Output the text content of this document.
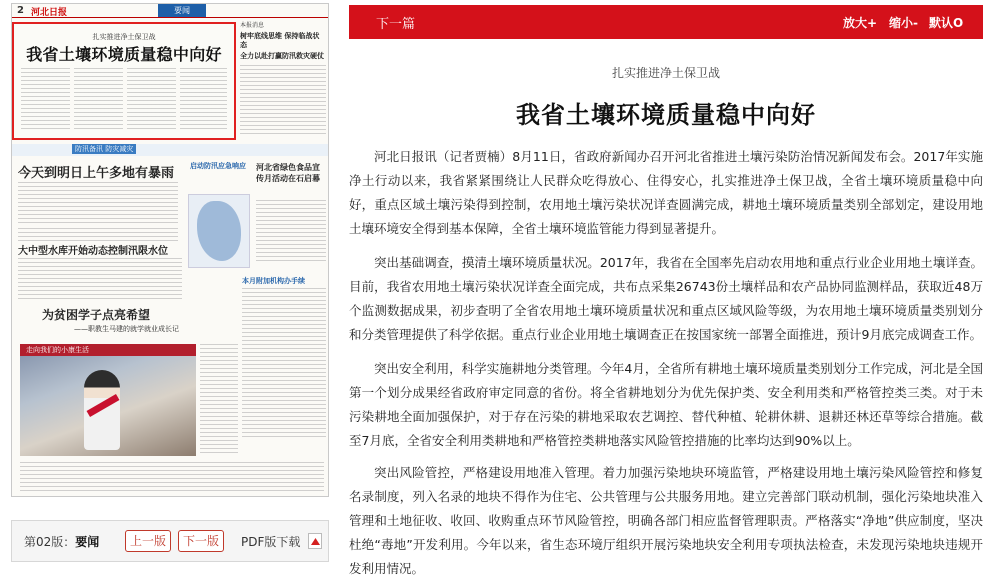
2 河北日报	要闻
扎实推进净土保卫战
我省土壤环境质量稳中向好
本报消息
树牢底线思维 保持临战状态
全力以赴打赢防汛救灾硬仗
防汛备汛 防灾减灾
今天到明日上午多地有暴雨 启动防汛应急响应	河北省绿色食品宣传月活动在石启幕
大中型水库开始动态控制汛限水位
本月附加机构办手续
为贫困学子点亮希望
——职教生马建的就学就业成长记
走向我们的小康生活
第02版：要闻	上一版	下一版	PDF版下载
下一篇	放大+ 缩小- 默认O
扎实推进净土保卫战
我省土壤环境质量稳中向好

河北日报讯（记者贾楠）8月11日，省政府新闻办召开河北省推进土壤污染防治情况新闻发布会。2017年实施净土行动以来，我省紧紧围绕让人民群众吃得放心、住得安心，扎实推进净土保卫战，全省土壤环境质量稳中向好，重点区域土壤污染得到控制，农用地土壤污染状况详查圆满完成，耕地土壤环境质量类别全部划定，建设用地土壤环境安全得到基本保障，全省土壤环境监管能力得到显著提升。

突出基础调查，摸清土壤环境质量状况。2017年，我省在全国率先启动农用地和重点行业企业用地土壤详查。目前，我省农用地土壤污染状况详查全面完成，共布点采集26743份土壤样品和农产品协同监测样品，获取近48万个监测数据成果，初步查明了全省农用地土壤环境质量状况和重点区域风险等级，为农用地土壤环境质量类别划分和分类管理提供了科学依据。重点行业企业用地土壤调查正在按国家统一部署全面推进，预计9月底完成调查工作。

突出安全利用，科学实施耕地分类管理。今年4月，全省所有耕地土壤环境质量类别划分工作完成，河北是全国第一个划分成果经省政府审定同意的省份。将全省耕地划分为优先保护类、安全利用类和严格管控类三类。对于未污染耕地全面加强保护，对于存在污染的耕地采取农艺调控、替代种植、轮耕休耕、退耕还林还草等综合措施。截至7月底，全省安全利用类耕地和严格管控类耕地落实风险管控措施的比率均达到90%以上。

突出风险管控，严格建设用地准入管理。着力加强污染地块环境监管，严格建设用地土壤污染风险管控和修复名录制度，列入名录的地块不得作为住宅、公共管理与公共服务用地。建立完善部门联动机制，强化污染地块准入管理和土地征收、收回、收购重点环节风险管控，明确各部门相应监督管理职责。严格落实“净地”供应制度，坚决杜绝“毒地”开发利用。今年以来，省生态环境厅组织开展污染地块安全利用专项执法检查，未发现污染地块违规开发利用情况。
